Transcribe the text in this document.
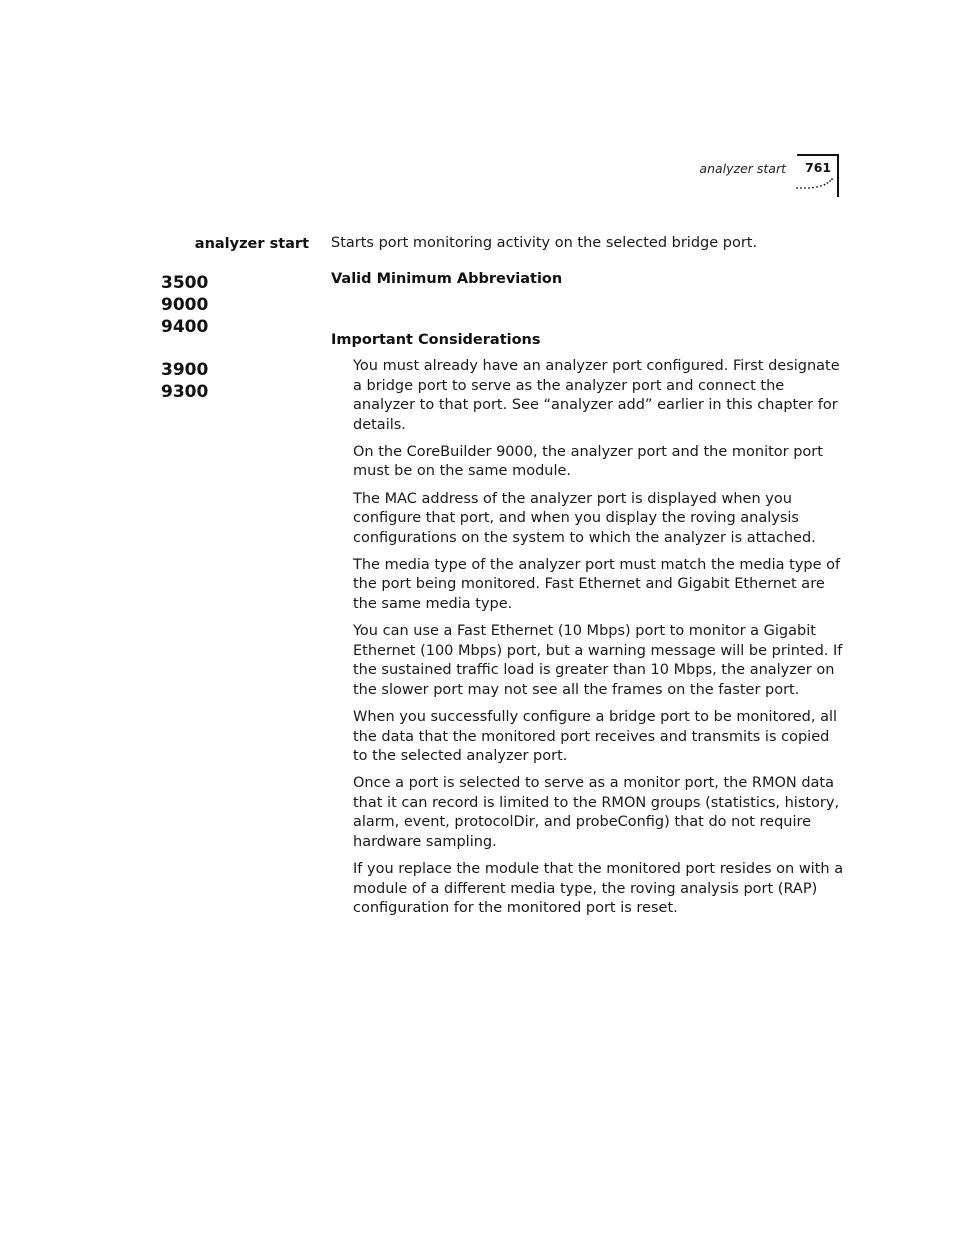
analyzer start 761
analyzer start Starts port monitoring activity on the selected bridge port.
3500
9000
9400
3900
9300
Valid Minimum Abbreviation
Important Considerations

You must already have an analyzer port configured. First designate a bridge port to serve as the analyzer port and connect the analyzer to that port. See “analyzer add” earlier in this chapter for details.

On the CoreBuilder 9000, the analyzer port and the monitor port must be on the same module.

The MAC address of the analyzer port is displayed when you configure that port, and when you display the roving analysis configurations on the system to which the analyzer is attached.

The media type of the analyzer port must match the media type of the port being monitored. Fast Ethernet and Gigabit Ethernet are the same media type.

You can use a Fast Ethernet (10 Mbps) port to monitor a Gigabit Ethernet (100 Mbps) port, but a warning message will be printed. If the sustained traffic load is greater than 10 Mbps, the analyzer on the slower port may not see all the frames on the faster port.

When you successfully configure a bridge port to be monitored, all the data that the monitored port receives and transmits is copied to the selected analyzer port.

Once a port is selected to serve as a monitor port, the RMON data that it can record is limited to the RMON groups (statistics, history, alarm, event, protocolDir, and probeConfig) that do not require hardware sampling.

If you replace the module that the monitored port resides on with a module of a different media type, the roving analysis port (RAP) configuration for the monitored port is reset.
